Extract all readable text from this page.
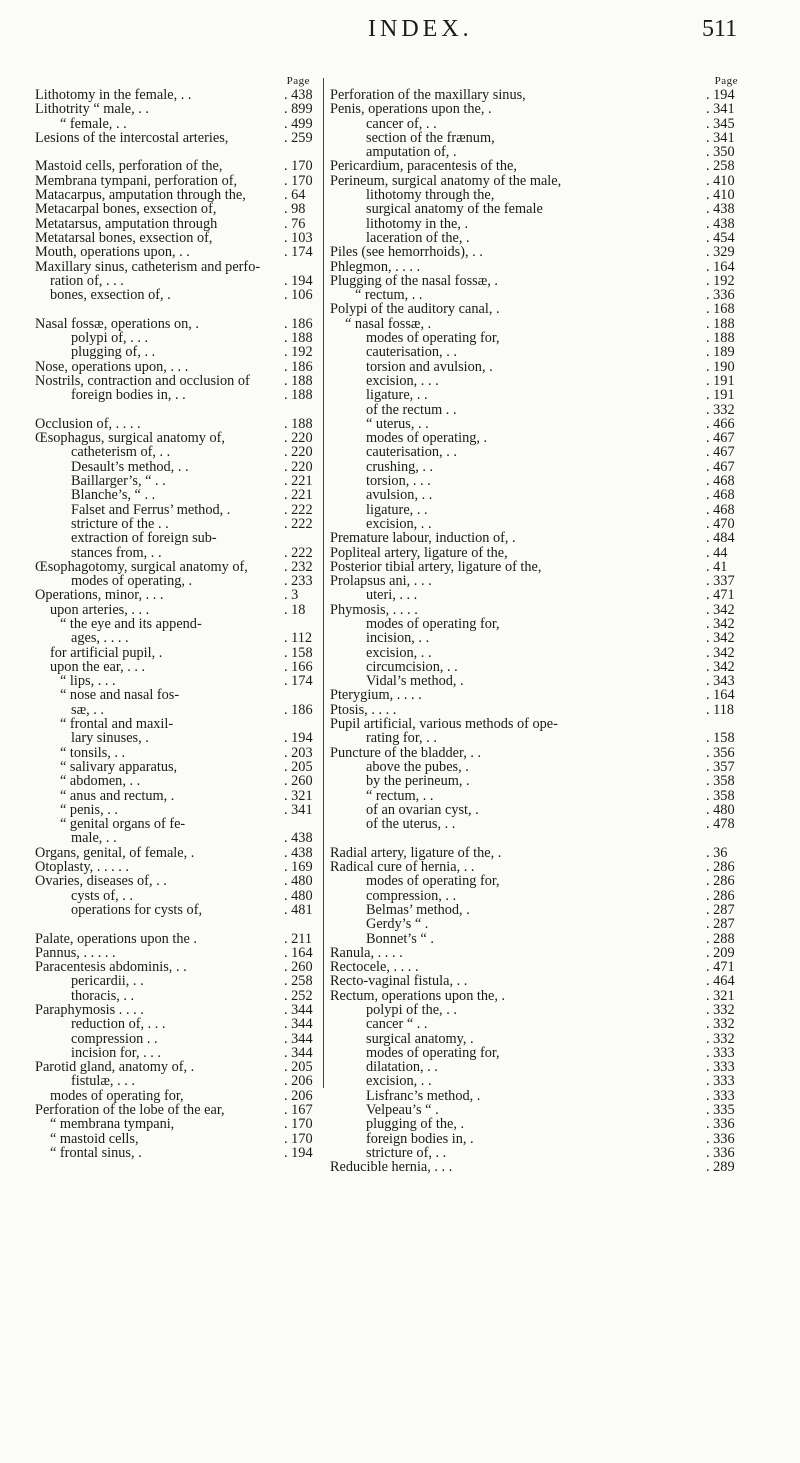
INDEX.	511
Page
Lithotomy in the female, . .	. 438
Lithotrity “ male, . .	. 899
“ female, . .	. 499
Lesions of the intercostal arteries,	. 259
Mastoid cells, perforation of the,	. 170
Membrana tympani, perforation of,	. 170
Matacarpus, amputation through the,	. 64
Metacarpal bones, exsection of,	. 98
Metatarsus, amputation through	. 76
Metatarsal bones, exsection of,	. 103
Mouth, operations upon, . .	. 174
Maxillary sinus, catheterism and perfo-
ration of, . . .	. 194
bones, exsection of, .	. 106
Nasal fossæ, operations on, .	. 186
polypi of, . . .	. 188
plugging of, . .	. 192
Nose, operations upon, . . .	. 186
Nostrils, contraction and occlusion of	. 188
foreign bodies in, . .	. 188
Occlusion of, . . . .	. 188
Œsophagus, surgical anatomy of,	. 220
catheterism of, . .	. 220
Desault’s method, . .	. 220
Baillarger’s, “ . .	. 221
Blanche’s, “ . .	. 221
Falset and Ferrus’ method, .	. 222
stricture of the . .	. 222
extraction of foreign sub-
stances from, . .	. 222
Œsophagotomy, surgical anatomy of,	. 232
modes of operating, .	. 233
Operations, minor, . . .	. 3
upon arteries, . . .	. 18
“ the eye and its append-
ages, . . . .	. 112
for artificial pupil, .	. 158
upon the ear, . . .	. 166
“ lips, . . .	. 174
“ nose and nasal fos-
sæ, . .	. 186
“ frontal and maxil-
lary sinuses, .	. 194
“ tonsils, . .	. 203
“ salivary apparatus,	. 205
“ abdomen, . .	. 260
“ anus and rectum, .	. 321
“ penis, . .	. 341
“ genital organs of fe-
male, . .	. 438
Organs, genital, of female, .	. 438
Otoplasty, . . . . .	. 169
Ovaries, diseases of, . .	. 480
cysts of, . .	. 480
operations for cysts of,	. 481
Palate, operations upon the .	. 211
Pannus, . . . . .	. 164
Paracentesis abdominis, . .	. 260
pericardii, . .	. 258
thoracis, . .	. 252
Paraphymosis . . . .	. 344
reduction of, . . .	. 344
compression . .	. 344
incision for, . . .	. 344
Parotid gland, anatomy of, .	. 205
fistulæ, . . .	. 206
modes of operating for,	. 206
Perforation of the lobe of the ear,	. 167
“ membrana tympani,	. 170
“ mastoid cells,	. 170
“ frontal sinus, .	. 194
Page
Perforation of the maxillary sinus,	. 194
Penis, operations upon the, .	. 341
cancer of, . .	. 345
section of the frænum,	. 341
amputation of, .	. 350
Pericardium, paracentesis of the,	. 258
Perineum, surgical anatomy of the male,	. 410
lithotomy through the,	. 410
surgical anatomy of the female	. 438
lithotomy in the, .	. 438
laceration of the, .	. 454
Piles (see hemorrhoids), . .	. 329
Phlegmon, . . . .	. 164
Plugging of the nasal fossæ, .	. 192
“ rectum, . .	. 336
Polypi of the auditory canal, .	. 168
“ nasal fossæ, .	. 188
modes of operating for,	. 188
cauterisation, . .	. 189
torsion and avulsion, .	. 190
excision, . . .	. 191
ligature, . .	. 191
of the rectum . .	. 332
“ uterus, . .	. 466
modes of operating, .	. 467
cauterisation, . .	. 467
crushing, . .	. 467
torsion, . . .	. 468
avulsion, . .	. 468
ligature, . .	. 468
excision, . .	. 470
Premature labour, induction of, .	. 484
Popliteal artery, ligature of the,	. 44
Posterior tibial artery, ligature of the,	. 41
Prolapsus ani, . . .	. 337
uteri, . . .	. 471
Phymosis, . . . .	. 342
modes of operating for,	. 342
incision, . .	. 342
excision, . .	. 342
circumcision, . .	. 342
Vidal’s method, .	. 343
Pterygium, . . . .	. 164
Ptosis, . . . .	. 118
Pupil artificial, various methods of ope-
rating for, . .	. 158
Puncture of the bladder, . .	. 356
above the pubes, .	. 357
by the perineum, .	. 358
“ rectum, . .	. 358
of an ovarian cyst, .	. 480
of the uterus, . .	. 478
Radial artery, ligature of the, .	. 36
Radical cure of hernia, . .	. 286
modes of operating for,	. 286
compression, . .	. 286
Belmas’ method, .	. 287
Gerdy’s “ .	. 287
Bonnet’s “ .	. 288
Ranula, . . . .	. 209
Rectocele, . . . .	. 471
Recto-vaginal fistula, . .	. 464
Rectum, operations upon the, .	. 321
polypi of the, . .	. 332
cancer “ . .	. 332
surgical anatomy, .	. 332
modes of operating for,	. 333
dilatation, . .	. 333
excision, . .	. 333
Lisfranc’s method, .	. 333
Velpeau’s “ .	. 335
plugging of the, .	. 336
foreign bodies in, .	. 336
stricture of, . .	. 336
Reducible hernia, . . .	. 289
